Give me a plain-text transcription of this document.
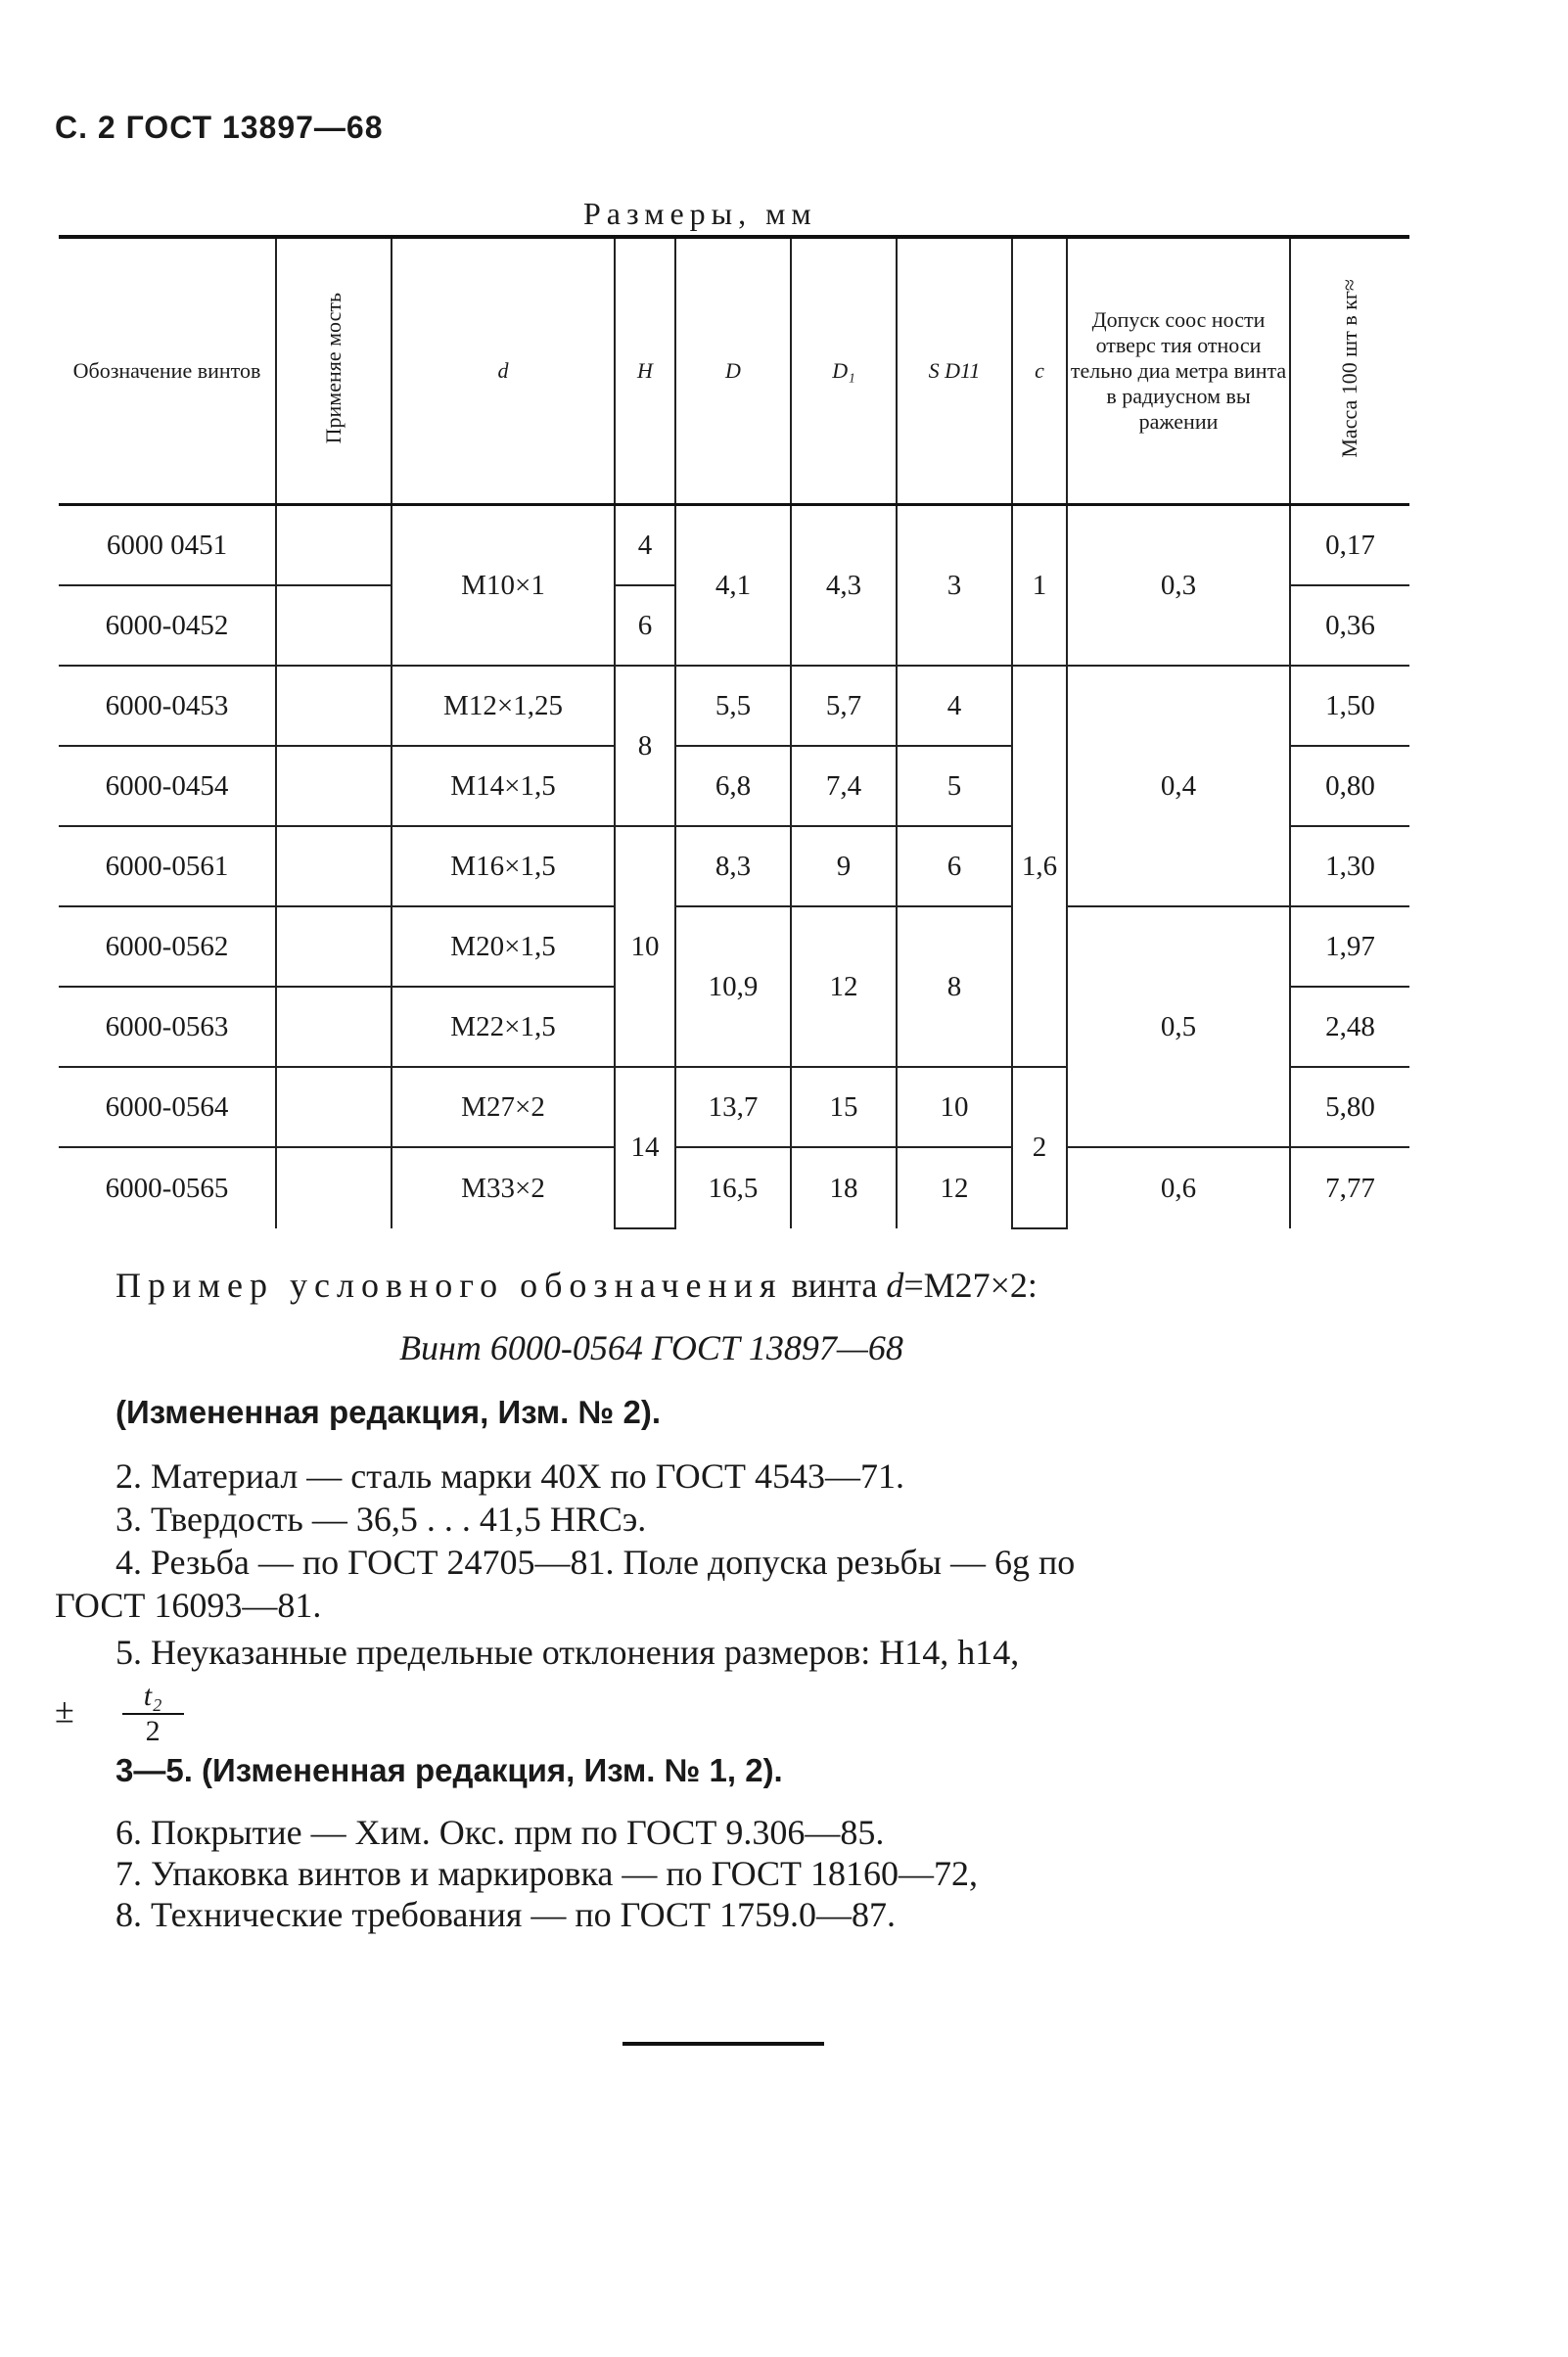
С. 2 ГОСТ 13897—68
Размеры, мм
Обозначение винтов	Применяе мость	d	H	D	D₁	S D11	c	Допуск соос ности отверс тия относи тельно диа метра винта в радиусном вы ражении	Масса 100 шт в кг≈
6000 0451		M10×1	4	4,1	4,3	3	1	0,3	0,17
6000-0452			6						0,36
6000-0453		M12×1,25	8	5,5	5,7	4	1,6	0,4	1,50
6000-0454		M14×1,5		6,8	7,4	5			0,80
6000-0561		M16×1,5	10	8,3	9	6			1,30
6000-0562		M20×1,5		10,9	12	8		0,5	1,97
6000-0563		M22×1,5							2,48
6000-0564		M27×2	14	13,7	15	10	2		5,80
6000-0565		M33×2		16,5	18	12		0,6	7,77
Пример условного обозначения винта d=M27×2:
Винт 6000-0564 ГОСТ 13897—68
(Измененная редакция, Изм. № 2).
2. Материал — сталь марки 40Х по ГОСТ 4543—71.
3. Твердость — 36,5 . . . 41,5 HRCэ.
4. Резьба — по ГОСТ 24705—81. Поле допуска резьбы — 6g по
ГОСТ 16093—81.
5. Неуказанные предельные отклонения размеров: H14, h14,
± $\frac{\text{t₂}}{2}$
3—5. (Измененная редакция, Изм. № 1, 2).
6. Покрытие — Хим. Окс. прм по ГОСТ 9.306—85.
7. Упаковка винтов и маркировка — по ГОСТ 18160—72,
8. Технические требования — по ГОСТ 1759.0—87.
